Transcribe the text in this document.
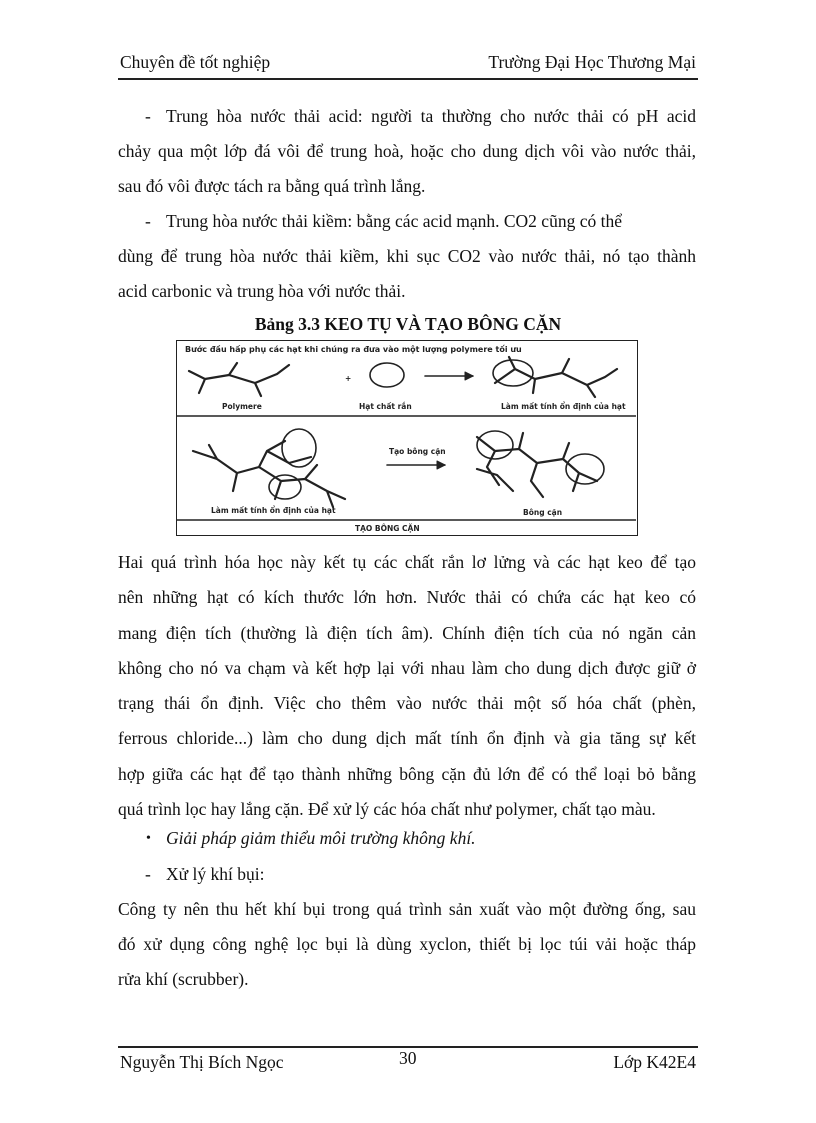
Chuyên đề tốt nghiệp	Trường Đại Học Thương Mại
- Trung hòa nước thải acid: người ta thường cho nước thải có pH acid
chảy qua một lớp đá vôi để trung hoà, hoặc cho dung dịch vôi vào nước thải,
sau đó vôi được tách ra bằng quá trình lắng.
- Trung hòa nước thải kiềm: bằng các acid mạnh. CO2 cũng có thể
dùng để trung hòa nước thải kiềm, khi sục CO2 vào nước thải, nó tạo thành
acid carbonic và trung hòa với nước thải.
Bảng 3.3 KEO TỤ VÀ TẠO BÔNG CẶN
Bước đầu hấp phụ các hạt khi chúng ra đưa vào một lượng polymere tối ưu
+
Polymere	Hạt chất rắn	Làm mất tính ổn định của hạt
Tạo bông cặn
Làm mất tính ổn định của hạt	Bông cặn
TẠO BÔNG CẶN
Hai quá trình hóa học này kết tụ các chất rắn lơ lửng và các hạt keo để tạo
nên những hạt có kích thước lớn hơn. Nước thải có chứa các hạt keo có
mang điện tích (thường là điện tích âm). Chính điện tích của nó ngăn cản
không cho nó va chạm và kết hợp lại với nhau làm cho dung dịch được giữ ở
trạng thái ổn định. Việc cho thêm vào nước thải một số hóa chất (phèn,
ferrous chloride...) làm cho dung dịch mất tính ổn định và gia tăng sự kết
hợp giữa các hạt để tạo thành những bông cặn đủ lớn để có thể loại bỏ bằng
quá trình lọc hay lắng cặn. Để xử lý các hóa chất như polymer, chất tạo màu.
• Giải pháp giảm thiểu môi trường không khí.
- Xử lý khí bụi:
Công ty nên thu hết khí bụi trong quá trình sản xuất vào một đường ống, sau
đó xử dụng công nghệ lọc bụi là dùng xyclon, thiết bị lọc túi vải hoặc tháp
rửa khí (scrubber).
Nguyễn Thị Bích Ngọc	30	Lớp K42E4
